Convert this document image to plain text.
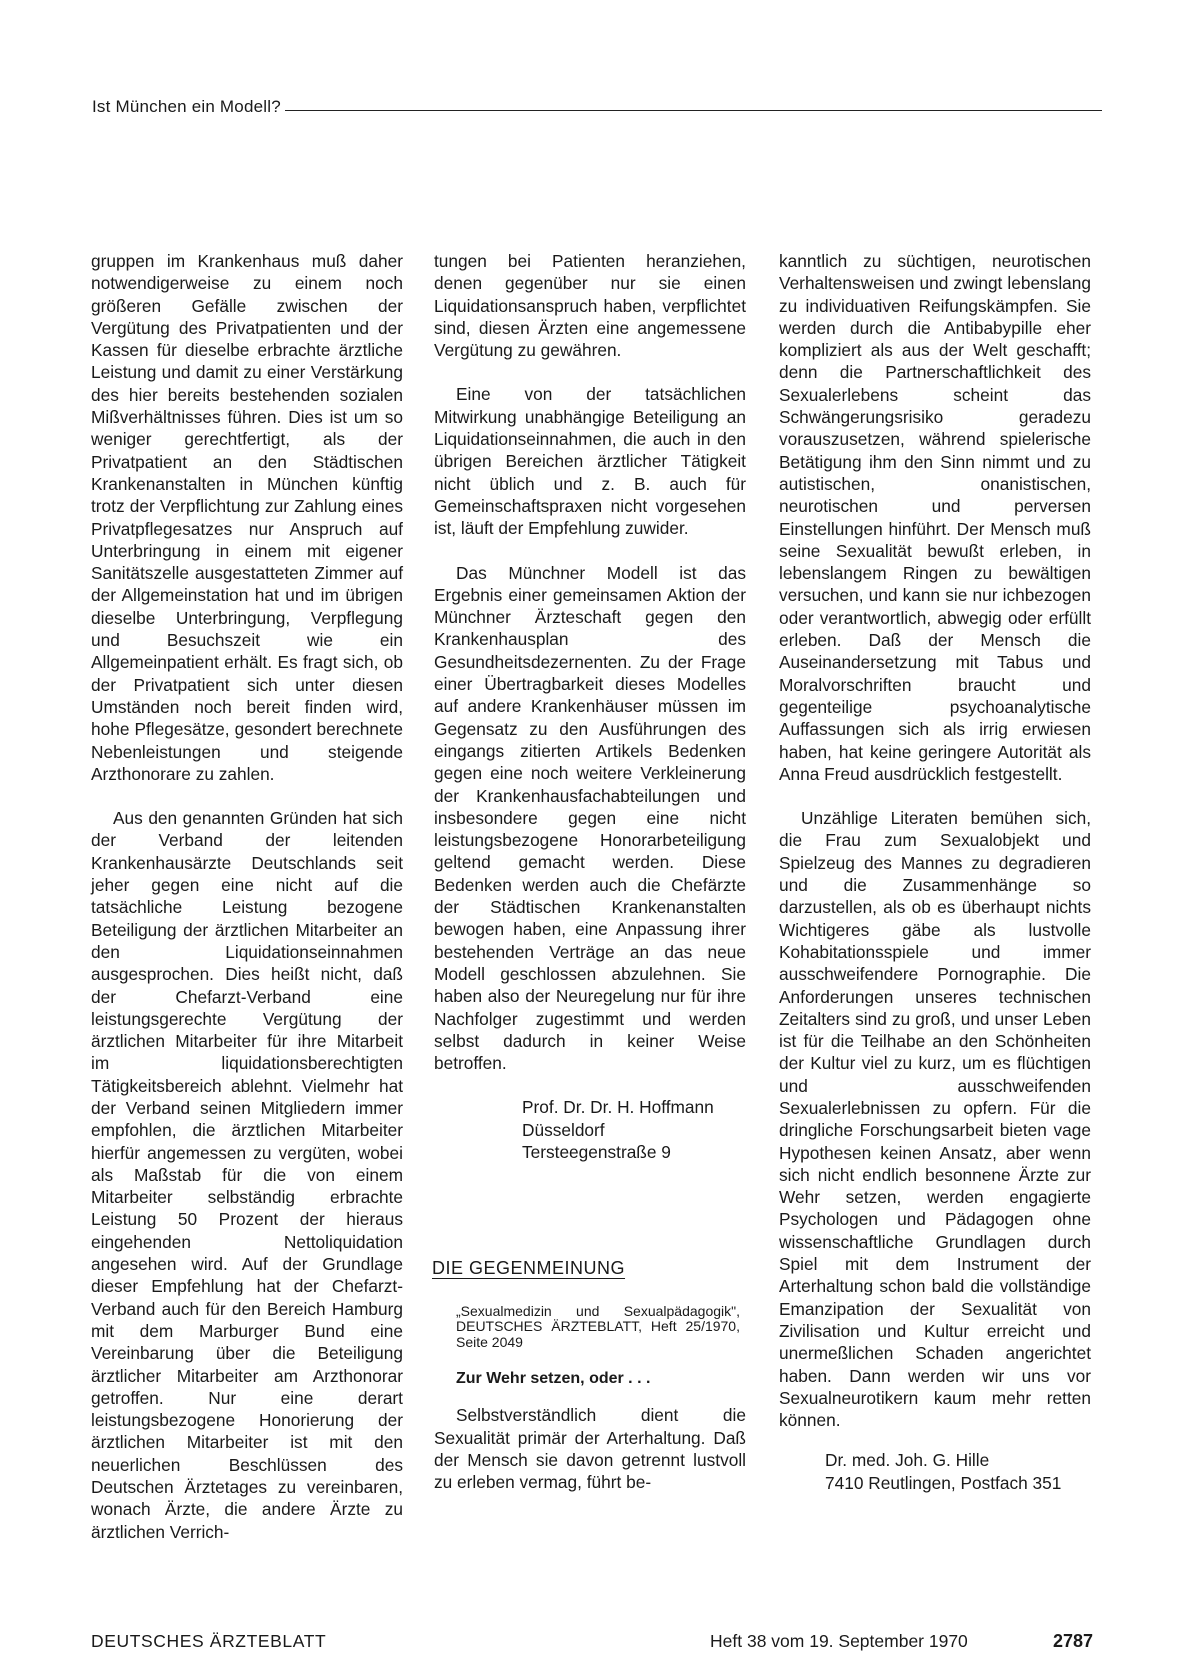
Ist München ein Modell?

gruppen im Krankenhaus muß daher notwendigerweise zu einem noch größeren Gefälle zwischen der Vergütung des Privatpatienten und der Kassen für dieselbe erbrachte ärztliche Leistung und damit zu einer Verstärkung des hier bereits bestehenden sozialen Mißverhältnisses führen. Dies ist um so weniger gerechtfertigt, als der Privatpatient an den Städtischen Krankenanstalten in München künftig trotz der Verpflichtung zur Zahlung eines Privatpflegesatzes nur Anspruch auf Unterbringung in einem mit eigener Sanitätszelle ausgestatteten Zimmer auf der Allgemeinstation hat und im übrigen dieselbe Unterbringung, Verpflegung und Besuchszeit wie ein Allgemeinpatient erhält. Es fragt sich, ob der Privatpatient sich unter diesen Umständen noch bereit finden wird, hohe Pflegesätze, gesondert berechnete Nebenleistungen und steigende Arzthonorare zu zahlen.

Aus den genannten Gründen hat sich der Verband der leitenden Krankenhausärzte Deutschlands seit jeher gegen eine nicht auf die tatsächliche Leistung bezogene Beteiligung der ärztlichen Mitarbeiter an den Liquidationseinnahmen ausgesprochen. Dies heißt nicht, daß der Chefarzt-Verband eine leistungsgerechte Vergütung der ärztlichen Mitarbeiter für ihre Mitarbeit im liquidationsberechtigten Tätigkeitsbereich ablehnt. Vielmehr hat der Verband seinen Mitgliedern immer empfohlen, die ärztlichen Mitarbeiter hierfür angemessen zu vergüten, wobei als Maßstab für die von einem Mitarbeiter selbständig erbrachte Leistung 50 Prozent der hieraus eingehenden Nettoliquidation angesehen wird. Auf der Grundlage dieser Empfehlung hat der Chefarzt-Verband auch für den Bereich Hamburg mit dem Marburger Bund eine Vereinbarung über die Beteiligung ärztlicher Mitarbeiter am Arzthonorar getroffen. Nur eine derart leistungsbezogene Honorierung der ärztlichen Mitarbeiter ist mit den neuerlichen Beschlüssen des Deutschen Ärztetages zu vereinbaren, wonach Ärzte, die andere Ärzte zu ärztlichen Verrich-

tungen bei Patienten heranziehen, denen gegenüber nur sie einen Liquidationsanspruch haben, verpflichtet sind, diesen Ärzten eine angemessene Vergütung zu gewähren.

Eine von der tatsächlichen Mitwirkung unabhängige Beteiligung an Liquidationseinnahmen, die auch in den übrigen Bereichen ärztlicher Tätigkeit nicht üblich und z. B. auch für Gemeinschaftspraxen nicht vorgesehen ist, läuft der Empfehlung zuwider.

Das Münchner Modell ist das Ergebnis einer gemeinsamen Aktion der Münchner Ärzteschaft gegen den Krankenhausplan des Gesundheitsdezernenten. Zu der Frage einer Übertragbarkeit dieses Modelles auf andere Krankenhäuser müssen im Gegensatz zu den Ausführungen des eingangs zitierten Artikels Bedenken gegen eine noch weitere Verkleinerung der Krankenhausfachabteilungen und insbesondere gegen eine nicht leistungsbezogene Honorarbeteiligung geltend gemacht werden. Diese Bedenken werden auch die Chefärzte der Städtischen Krankenanstalten bewogen haben, eine Anpassung ihrer bestehenden Verträge an das neue Modell geschlossen abzulehnen. Sie haben also der Neuregelung nur für ihre Nachfolger zugestimmt und werden selbst dadurch in keiner Weise betroffen.

Prof. Dr. Dr. H. Hoffmann
Düsseldorf
Tersteegenstraße 9
DIE GEGENMEINUNG
„Sexualmedizin und Sexualpädagogik", DEUTSCHES ÄRZTEBLATT, Heft 25/1970, Seite 2049
Zur Wehr setzen, oder . . .

Selbstverständlich dient die Sexualität primär der Arterhaltung. Daß der Mensch sie davon getrennt lustvoll zu erleben vermag, führt be-

kanntlich zu süchtigen, neurotischen Verhaltensweisen und zwingt lebenslang zu individuativen Reifungskämpfen. Sie werden durch die Antibabypille eher kompliziert als aus der Welt geschafft; denn die Partnerschaftlichkeit des Sexualerlebens scheint das Schwängerungsrisiko geradezu vorauszusetzen, während spielerische Betätigung ihm den Sinn nimmt und zu autistischen, onanistischen, neurotischen und perversen Einstellungen hinführt. Der Mensch muß seine Sexualität bewußt erleben, in lebenslangem Ringen zu bewältigen versuchen, und kann sie nur ichbezogen oder verantwortlich, abwegig oder erfüllt erleben. Daß der Mensch die Auseinandersetzung mit Tabus und Moralvorschriften braucht und gegenteilige psychoanalytische Auffassungen sich als irrig erwiesen haben, hat keine geringere Autorität als Anna Freud ausdrücklich festgestellt.

Unzählige Literaten bemühen sich, die Frau zum Sexualobjekt und Spielzeug des Mannes zu degradieren und die Zusammenhänge so darzustellen, als ob es überhaupt nichts Wichtigeres gäbe als lustvolle Kohabitationsspiele und immer ausschweifendere Pornographie. Die Anforderungen unseres technischen Zeitalters sind zu groß, und unser Leben ist für die Teilhabe an den Schönheiten der Kultur viel zu kurz, um es flüchtigen und ausschweifenden Sexualerlebnissen zu opfern. Für die dringliche Forschungsarbeit bieten vage Hypothesen keinen Ansatz, aber wenn sich nicht endlich besonnene Ärzte zur Wehr setzen, werden engagierte Psychologen und Pädagogen ohne wissenschaftliche Grundlagen durch Spiel mit dem Instrument der Arterhaltung schon bald die vollständige Emanzipation der Sexualität von Zivilisation und Kultur erreicht und unermeßlichen Schaden angerichtet haben. Dann werden wir uns vor Sexualneurotikern kaum mehr retten können.

Dr. med. Joh. G. Hille
7410 Reutlingen, Postfach 351
DEUTSCHES ÄRZTEBLATT	Heft 38 vom 19. September 1970	2787
